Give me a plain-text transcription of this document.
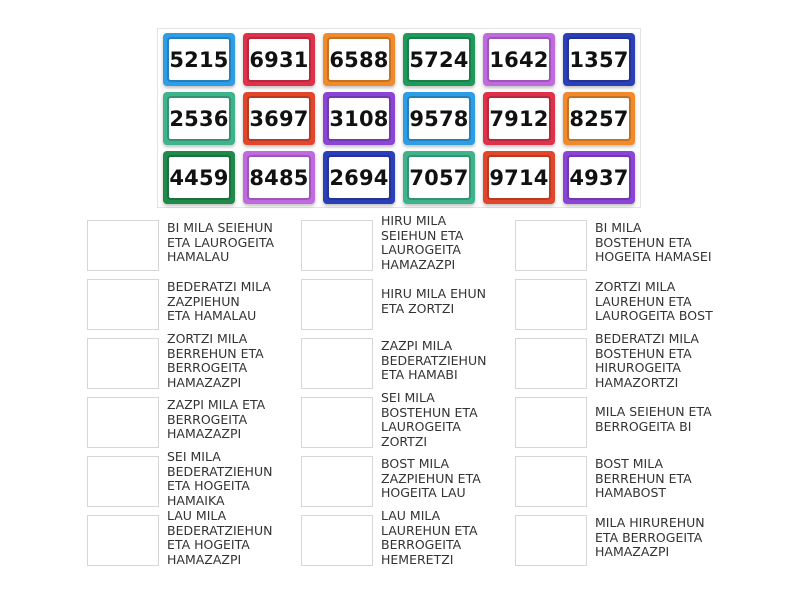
5215 6931 6588 5724 1642 1357
2536 3697 3108 9578 7912 8257
4459 8485 2694 7057 9714 4937
BI MILA SEIEHUN
ETA LAUROGEITA
HAMALAU
HIRU MILA
SEIEHUN ETA
LAUROGEITA
HAMAZAZPI
BI MILA
BOSTEHUN ETA
HOGEITA HAMASEI
BEDERATZI MILA
ZAZPIEHUN
ETA HAMALAU
HIRU MILA EHUN
ETA ZORTZI
ZORTZI MILA
LAUREHUN ETA
LAUROGEITA BOST
ZORTZI MILA
BERREHUN ETA
BERROGEITA
HAMAZAZPI
ZAZPI MILA
BEDERATZIEHUN
ETA HAMABI
BEDERATZI MILA
BOSTEHUN ETA
HIRUROGEITA
HAMAZORTZI
ZAZPI MILA ETA
BERROGEITA
HAMAZAZPI
SEI MILA
BOSTEHUN ETA
LAUROGEITA
ZORTZI
MILA SEIEHUN ETA
BERROGEITA BI
SEI MILA
BEDERATZIEHUN
ETA HOGEITA
HAMAIKA
BOST MILA
ZAZPIEHUN ETA
HOGEITA LAU
BOST MILA
BERREHUN ETA
HAMABOST
LAU MILA
BEDERATZIEHUN
ETA HOGEITA
HAMAZAZPI
LAU MILA
LAUREHUN ETA
BERROGEITA
HEMERETZI
MILA HIRUREHUN
ETA BERROGEITA
HAMAZAZPI
